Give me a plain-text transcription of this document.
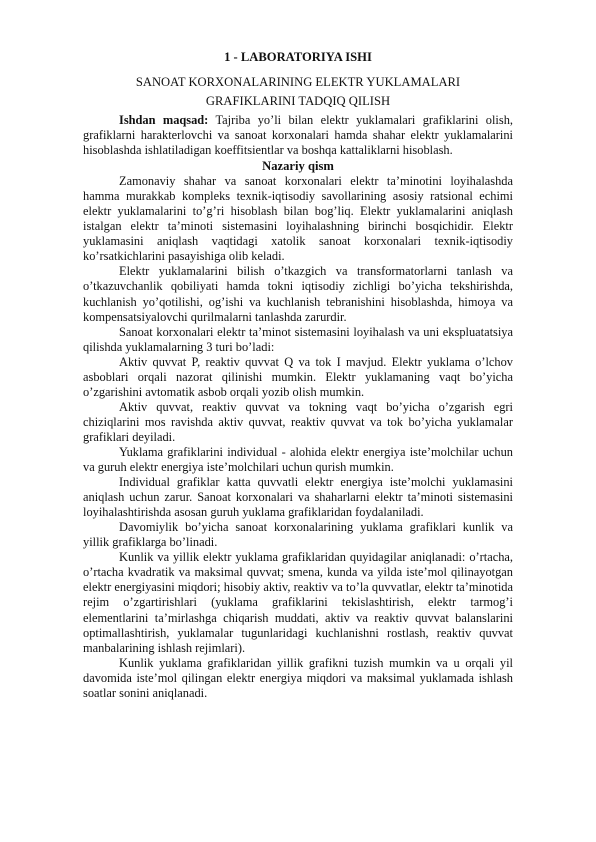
1 - LABORATORIYA ISHI
SANOAT KORXONALARINING ELEKTR YUKLAMALARI
GRAFIKLARINI TADQIQ QILISH

Ishdan maqsad: Tajriba yo’li bilan elektr yuklamalari grafiklarini olish, grafiklarni harakterlovchi va sanoat korxonalari hamda shahar elektr yuklamalarini hisoblashda ishlatiladigan koeffitsientlar va boshqa kattaliklarni hisoblash.

Nazariy qism

Zamonaviy shahar va sanoat korxonalari elektr ta’minotini loyihalashda hamma murakkab kompleks texnik-iqtisodiy savollarining asosiy ratsional echimi elektr yuklamalarini to’g’ri hisoblash bilan bog’liq. Elektr yuklamalarini aniqlash istalgan elektr ta’minoti sistemasini loyihalashning birinchi bosqichidir. Elektr yuklamasini aniqlash vaqtidagi xatolik sanoat korxonalari texnik-iqtisodiy ko’rsatkichlarini pasayishiga olib keladi.

Elektr yuklamalarini bilish o’tkazgich va transformatorlarni tanlash va o’tkazuvchanlik qobiliyati hamda tokni iqtisodiy zichligi bo’yicha tekshirishda, kuchlanish yo’qotilishi, og’ishi va kuchlanish tebranishini hisoblashda, himoya va kompensatsiyalovchi qurilmalarni tanlashda zarurdir.

Sanoat korxonalari elektr ta’minot sistemasini loyihalash va uni ekspluatatsiya qilishda yuklamalarning 3 turi bo’ladi:

Aktiv quvvat P, reaktiv quvvat Q va tok I mavjud. Elektr yuklama o’lchov asboblari orqali nazorat qilinishi mumkin. Elektr yuklamaning vaqt bo’yicha o’zgarishini avtomatik asbob orqali yozib olish mumkin.

Aktiv quvvat, reaktiv quvvat va tokning vaqt bo’yicha o’zgarish egri chiziqlarini mos ravishda aktiv quvvat, reaktiv quvvat va tok bo’yicha yuklamalar grafiklari deyiladi.

Yuklama grafiklarini individual - alohida elektr energiya iste’molchilar uchun va guruh elektr energiya iste’molchilari uchun qurish mumkin.

Individual grafiklar katta quvvatli elektr energiya iste’molchi yuklamasini aniqlash uchun zarur. Sanoat korxonalari va shaharlarni elektr ta’minoti sistemasini loyihalashtirishda asosan guruh yuklama grafiklaridan foydalaniladi.

Davomiylik bo’yicha sanoat korxonalarining yuklama grafiklari kunlik va yillik grafiklarga bo’linadi.

Kunlik va yillik elektr yuklama grafiklaridan quyidagilar aniqlanadi: o’rtacha, o’rtacha kvadratik va maksimal quvvat; smena, kunda va yilda iste’mol qilinayotgan elektr energiyasini miqdori; hisobiy aktiv, reaktiv va to’la quvvatlar, elektr ta’minotida rejim o’zgartirishlari (yuklama grafiklarini tekislashtirish, elektr tarmog’i elementlarini ta’mirlashga chiqarish muddati, aktiv va reaktiv quvvat balanslarini optimallashtirish, yuklamalar tugunlaridagi kuchlanishni rostlash, reaktiv quvvat manbalarining ishlash rejimlari).

Kunlik yuklama grafiklaridan yillik grafikni tuzish mumkin va u orqali yil davomida iste’mol qilingan elektr energiya miqdori va maksimal yuklamada ishlash soatlar sonini aniqlanadi.
